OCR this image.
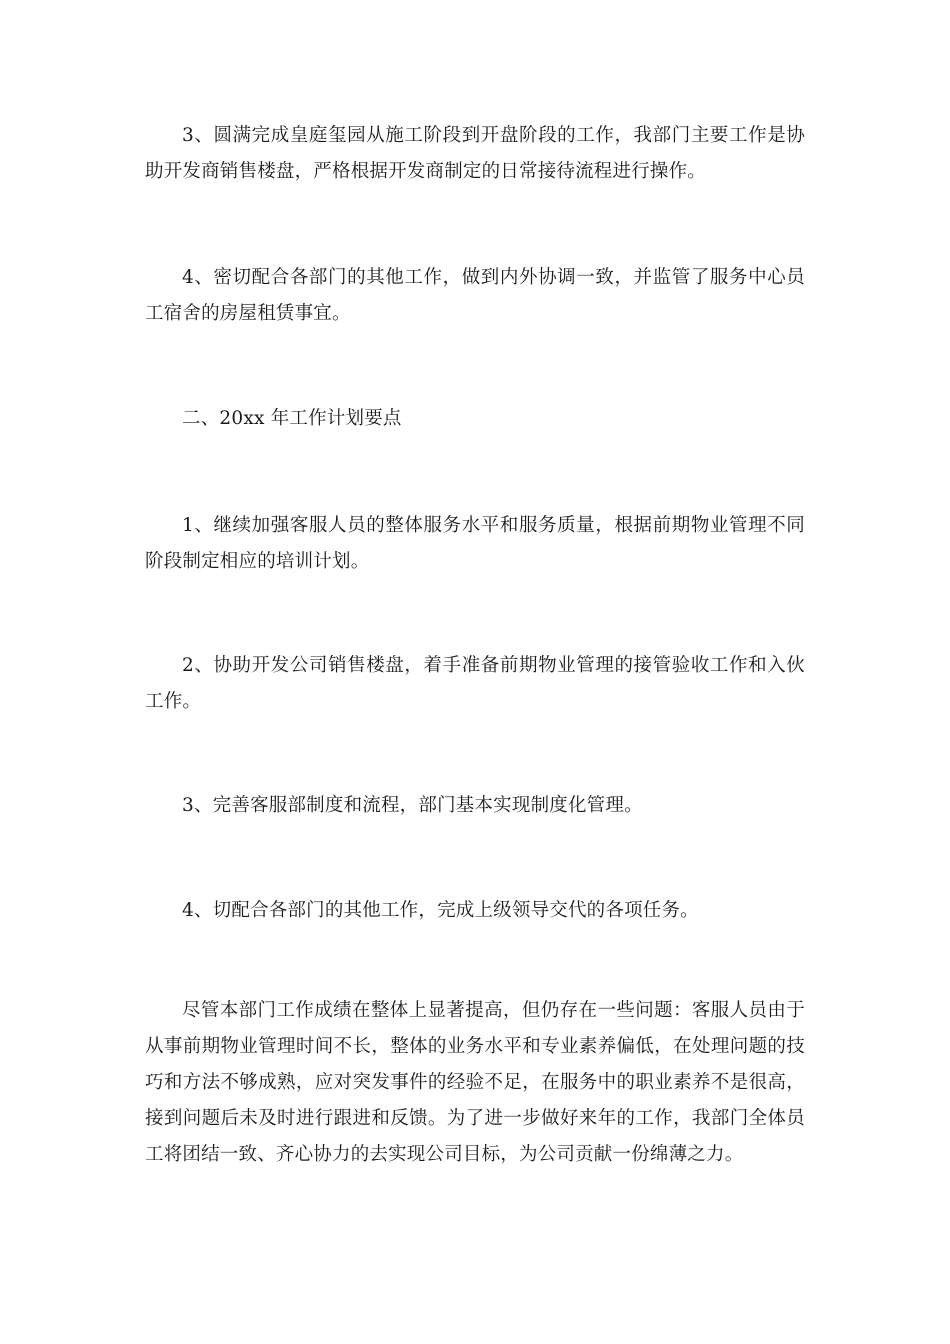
3、圆满完成皇庭玺园从施工阶段到开盘阶段的工作，我部门主要工作是协助开发商销售楼盘，严格根据开发商制定的日常接待流程进行操作。

4、密切配合各部门的其他工作，做到内外协调一致，并监管了服务中心员工宿舍的房屋租赁事宜。

二、20xx 年工作计划要点

1、继续加强客服人员的整体服务水平和服务质量，根据前期物业管理不同阶段制定相应的培训计划。

2、协助开发公司销售楼盘，着手准备前期物业管理的接管验收工作和入伙工作。

3、完善客服部制度和流程，部门基本实现制度化管理。

4、切配合各部门的其他工作，完成上级领导交代的各项任务。

尽管本部门工作成绩在整体上显著提高，但仍存在一些问题：客服人员由于从事前期物业管理时间不长，整体的业务水平和专业素养偏低，在处理问题的技巧和方法不够成熟，应对突发事件的经验不足，在服务中的职业素养不是很高，接到问题后未及时进行跟进和反馈。为了进一步做好来年的工作，我部门全体员工将团结一致、齐心协力的去实现公司目标，为公司贡献一份绵薄之力。
